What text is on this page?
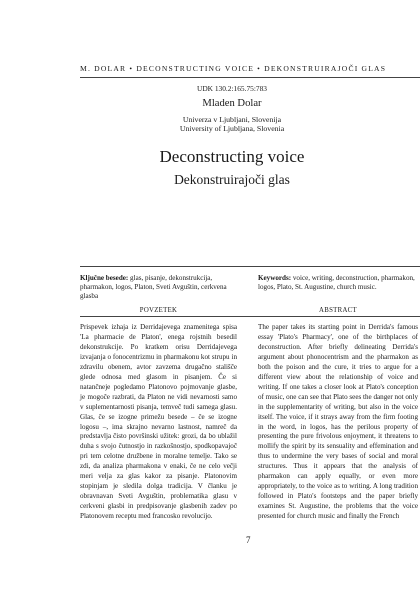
M. DOLAR • DECONSTRUCTING VOICE • DEKONSTRUIRAJOČI GLAS
UDK 130.2:165.75:783
Mladen Dolar
Univerza v Ljubljani, Slovenija
University of Ljubljana, Slovenia
Deconstructing voice
Dekonstruirajoči glas
Ključne besede: glas, pisanje, dekonstrukcija, pharmakon, logos, Platon, Sveti Avguštin, cerkvena glasba
Keywords: voice, writing, deconstruction, pharmakon, logos, Plato, St. Augustine, church music.
POVZETEK	ABSTRACT
Prispevek izhaja iz Derridajevega znamenitega spisa 'La pharmacie de Platon', enega rojstnih besedil dekonstrukcije. Po kratkem orisu Derridajevega izvajanja o fonocentrizmu in pharmakonu kot strupu in zdravilu obenem, avtor zavzema drugačno stališče glede odnosa med glasom in pisanjem. Če si natančneje pogledamo Platonovo pojmovanje glasbe, je mogoče razbrati, da Platon ne vidi nevarnosti samo v suplementarnosti pisanja, temveč tudi samega glasu. Glas, če se izogne primežu besede – če se izogne logosu –, ima skrajno nevarno lastnost, namreč da predstavlja čisto površinski užitek: grozi, da bo ublažil duha s svojo čutnostjo in razkošnostjo, spodkopavajoč pri tem celotne družbene in moralne temelje. Tako se zdi, da analiza pharmakona v enaki, če ne celo večji meri velja za glas kakor za pisanje. Platonovim stopinjam je sledila dolga tradicija. V članku je obravnavan Sveti Avguštin, problematika glasu v cerkveni glasbi in predpisovanje glasbenih zadev po Platonovem receptu med francosko revolucijo.
The paper takes its starting point in Derrida's famous essay 'Plato's Pharmacy', one of the birthplaces of deconstruction. After briefly delineating Derrida's argument about phonocentrism and the pharmakon as both the poison and the cure, it tries to argue for a different view about the relationship of voice and writing. If one takes a closer look at Plato's conception of music, one can see that Plato sees the danger not only in the supplementarity of writing, but also in the voice itself. The voice, if it strays away from the firm footing in the word, in logos, has the perilous property of presenting the pure frivolous enjoyment, it threatens to mollify the spirit by its sensuality and effemination and thus to undermine the very bases of social and moral structures. Thus it appears that the analysis of pharmakon can apply equally, or even more appropriately, to the voice as to writing. A long tradition followed in Plato's footsteps and the paper briefly examines St. Augustine, the problems that the voice presented for church music and finally the French
7
